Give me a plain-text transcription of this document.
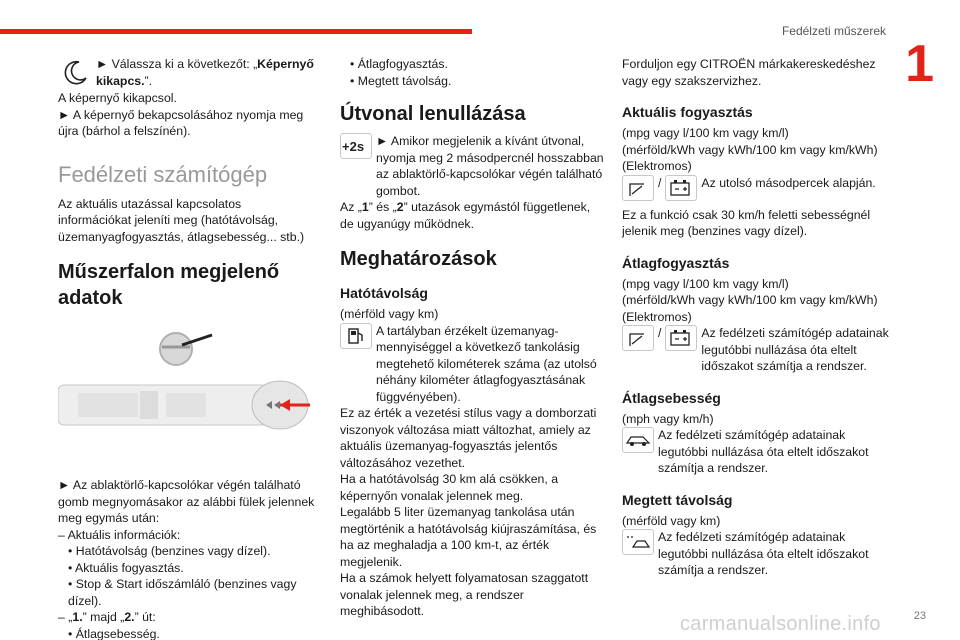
Fedélzeti műszerek
1
23
carmanualsonline.info
► Válassza ki a következőt: „Képernyő kikapcs.”.
A képernyő kikapcsol.
► A képernyő bekapcsolásához nyomja meg újra (bárhol a felszínén).
Fedélzeti számítógép
Az aktuális utazással kapcsolatos információkat jeleníti meg (hatótávolság, üzemanyagfogyasztás, átlagsebesség... stb.)
Műszerfalon megjelenő adatok
► Az ablaktörlő-kapcsolókar végén található gomb megnyomásakor az alábbi fülek jelennek meg egymás után:
– Aktuális információk:
• Hatótávolság (benzines vagy dízel).
• Aktuális fogyasztás.
• Stop & Start időszámláló (benzines vagy dízel).
– „1.” majd „2.” út:
• Átlagsebesség.
• Átlagfogyasztás.
• Megtett távolság.
Útvonal lenullázása
+2s ► Amikor megjelenik a kívánt útvonal, nyomja meg 2 másodpercnél hosszabban az ablaktörlő-kapcsolókar végén található gombot.
Az „1” és „2” utazások egymástól függetlenek, de ugyanúgy működnek.
Meghatározások
Hatótávolság
(mérföld vagy km)
A tartályban érzékelt üzemanyag-mennyiséggel a következő tankolásig megtehető kilométerek száma (az utolsó néhány kilométer átlagfogyasztásának függvényében).
Ez az érték a vezetési stílus vagy a domborzati viszonyok változása miatt változhat, amiely az aktuális üzemanyag-fogyasztás jelentős változásához vezethet.
Ha a hatótávolság 30 km alá csökken, a képernyőn vonalak jelennek meg.
Legalább 5 liter üzemanyag tankolása után megtörténik a hatótávolság kiújraszámítása, és ha az meghaladja a 100 km-t, az érték megjelenik.
Ha a számok helyett folyamatosan szaggatott vonalak jelennek meg, a rendszer meghibásodott.
Forduljon egy CITROËN márkakereskedéshez vagy egy szakszervizhez.
Aktuális fogyasztás
(mpg vagy l/100 km vagy km/l)
(mérföld/kWh vagy kWh/100 km vagy km/kWh)
(Elektromos)
/	Az utolsó másodpercek alapján.
Ez a funkció csak 30 km/h feletti sebességnél jelenik meg (benzines vagy dízel).
Átlagfogyasztás
(mpg vagy l/100 km vagy km/l)
(mérföld/kWh vagy kWh/100 km vagy km/kWh)
(Elektromos)
/	Az fedélzeti számítógép adatainak legutóbbi nullázása óta eltelt időszakot számítja a rendszer.
Átlagsebesség
(mph vagy km/h)
Az fedélzeti számítógép adatainak legutóbbi nullázása óta eltelt időszakot számítja a rendszer.
Megtett távolság
(mérföld vagy km)
Az fedélzeti számítógép adatainak legutóbbi nullázása óta eltelt időszakot számítja a rendszer.
